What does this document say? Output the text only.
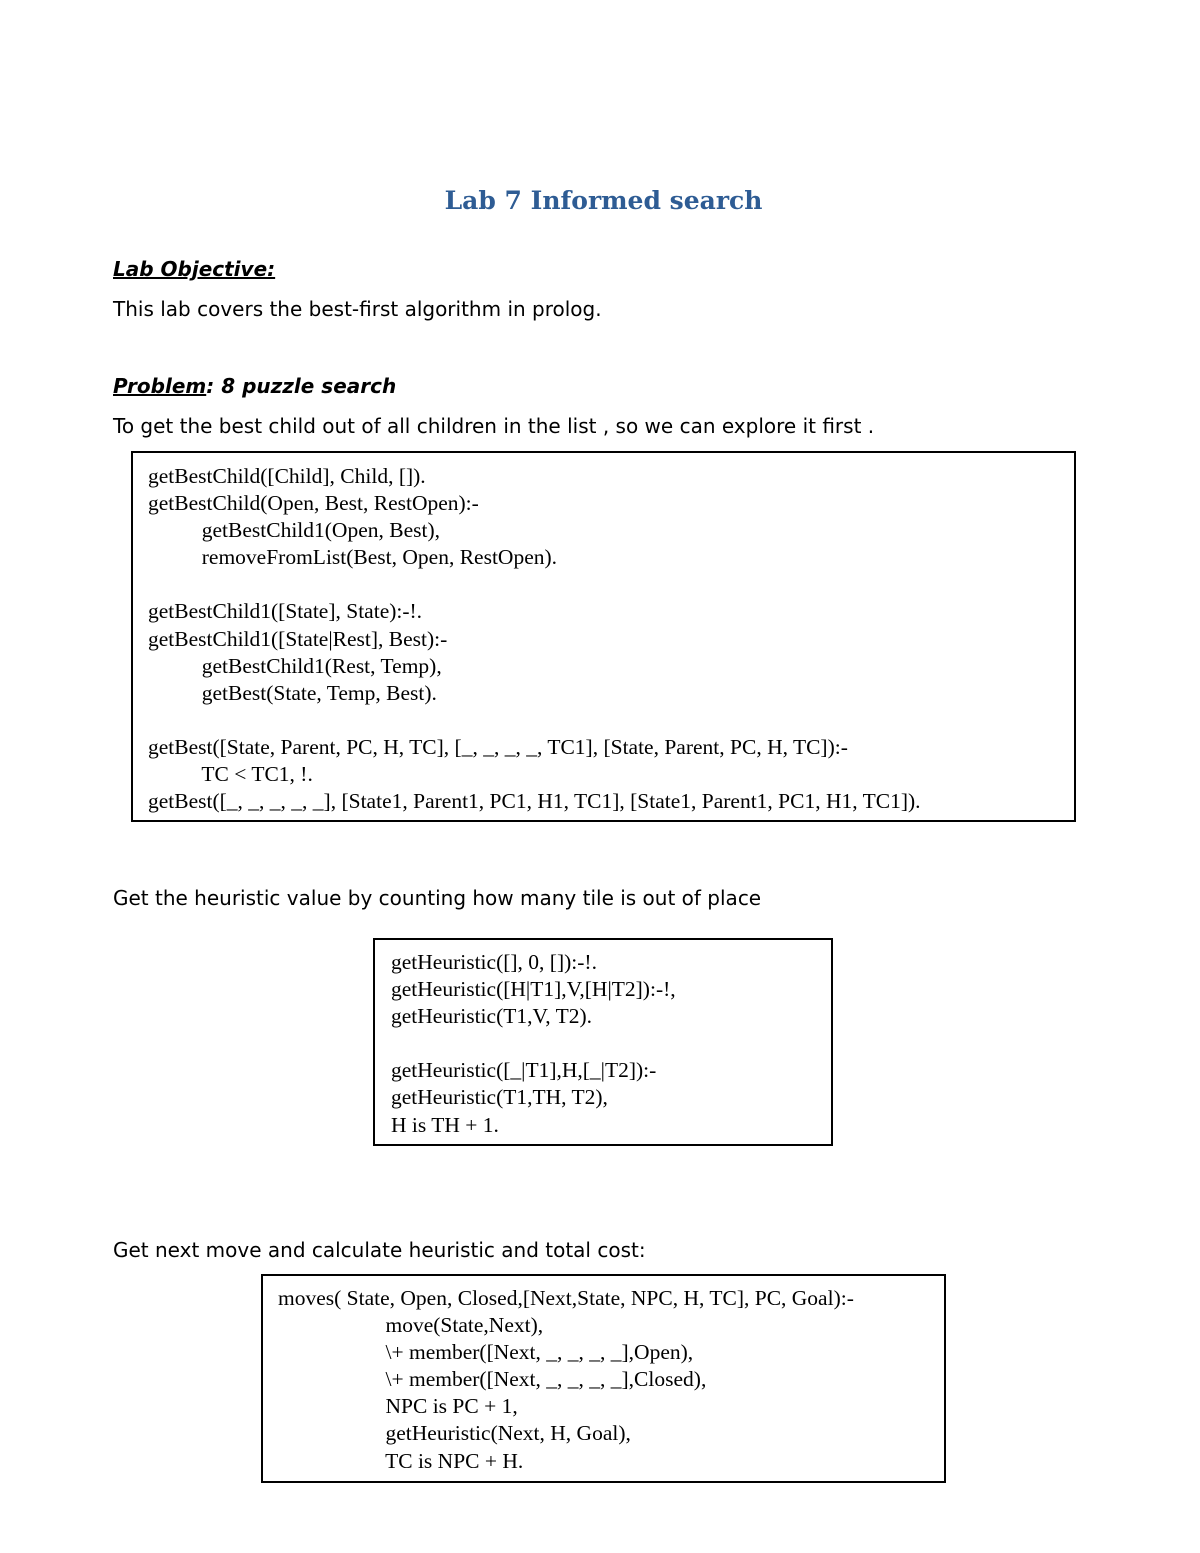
Lab 7 Informed search

Lab Objective:

This lab covers the best-first algorithm in prolog.

Problem: 8 puzzle search

To get the best child out of all children in the list , so we can explore it first .

getBestChild([Child], Child, []).
getBestChild(Open, Best, RestOpen):-
getBestChild1(Open, Best),
removeFromList(Best, Open, RestOpen).

getBestChild1([State], State):-!.
getBestChild1([State|Rest], Best):-
getBestChild1(Rest, Temp),
getBest(State, Temp, Best).

getBest([State, Parent, PC, H, TC], [_, _, _, _, TC1], [State, Parent, PC, H, TC]):-
TC < TC1, !.
getBest([_, _, _, _, _], [State1, Parent1, PC1, H1, TC1], [State1, Parent1, PC1, H1, TC1]).

Get the heuristic value by counting how many tile is out of place

getHeuristic([], 0, []):-!.
getHeuristic([H|T1],V,[H|T2]):-!,
getHeuristic(T1,V, T2).

getHeuristic([_|T1],H,[_|T2]):-
getHeuristic(T1,TH, T2),
H is TH + 1.

Get next move and calculate heuristic and total cost:

moves( State, Open, Closed,[Next,State, NPC, H, TC], PC, Goal):-
move(State,Next),
\+ member([Next, _, _, _, _],Open),
\+ member([Next, _, _, _, _],Closed),
NPC is PC + 1,
getHeuristic(Next, H, Goal),
TC is NPC + H.
